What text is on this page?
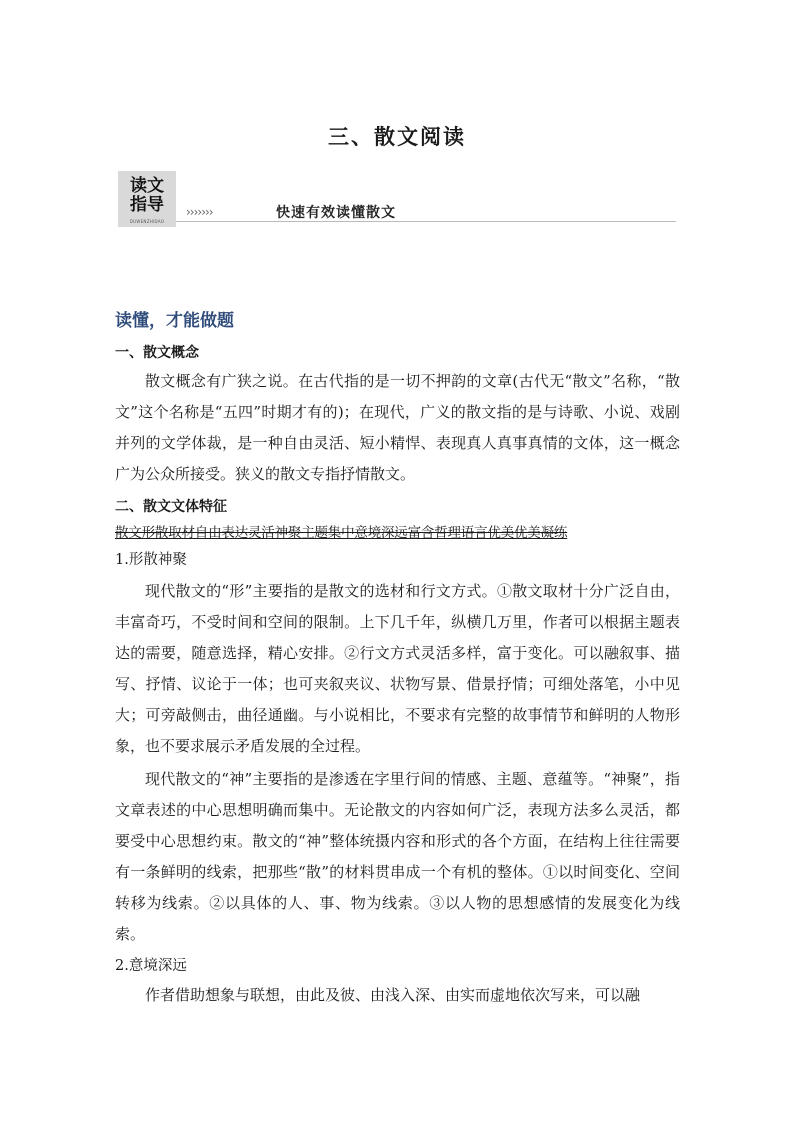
三、散文阅读
读文
指导
DUWENZHIDAO
›››››››	快速有效读懂散文
读懂，才能做题
一、散文概念

散文概念有广狭之说。在古代指的是一切不押韵的文章(古代无“散文”名称，“散文”这个名称是“五四”时期才有的)；在现代，广义的散文指的是与诗歌、小说、戏剧并列的文学体裁，是一种自由灵活、短小精悍、表现真人真事真情的文体，这一概念广为公众所接受。狭义的散文专指抒情散文。

二、散文文体特征
散文形散取材自由表达灵活神聚主题集中意境深远富含哲理语言优美优美凝练
1.形散神聚

现代散文的“形”主要指的是散文的选材和行文方式。①散文取材十分广泛自由，丰富奇巧，不受时间和空间的限制。上下几千年，纵横几万里，作者可以根据主题表达的需要，随意选择，精心安排。②行文方式灵活多样，富于变化。可以融叙事、描写、抒情、议论于一体；也可夹叙夹议、状物写景、借景抒情；可细处落笔，小中见大；可旁敲侧击，曲径通幽。与小说相比，不要求有完整的故事情节和鲜明的人物形象，也不要求展示矛盾发展的全过程。

现代散文的“神”主要指的是渗透在字里行间的情感、主题、意蕴等。“神聚”，指文章表述的中心思想明确而集中。无论散文的内容如何广泛，表现方法多么灵活，都要受中心思想约束。散文的“神”整体统摄内容和形式的各个方面，在结构上往往需要有一条鲜明的线索，把那些“散”的材料贯串成一个有机的整体。①以时间变化、空间转移为线索。②以具体的人、事、物为线索。③以人物的思想感情的发展变化为线索。

2.意境深远

作者借助想象与联想，由此及彼、由浅入深、由实而虚地依次写来，可以融
